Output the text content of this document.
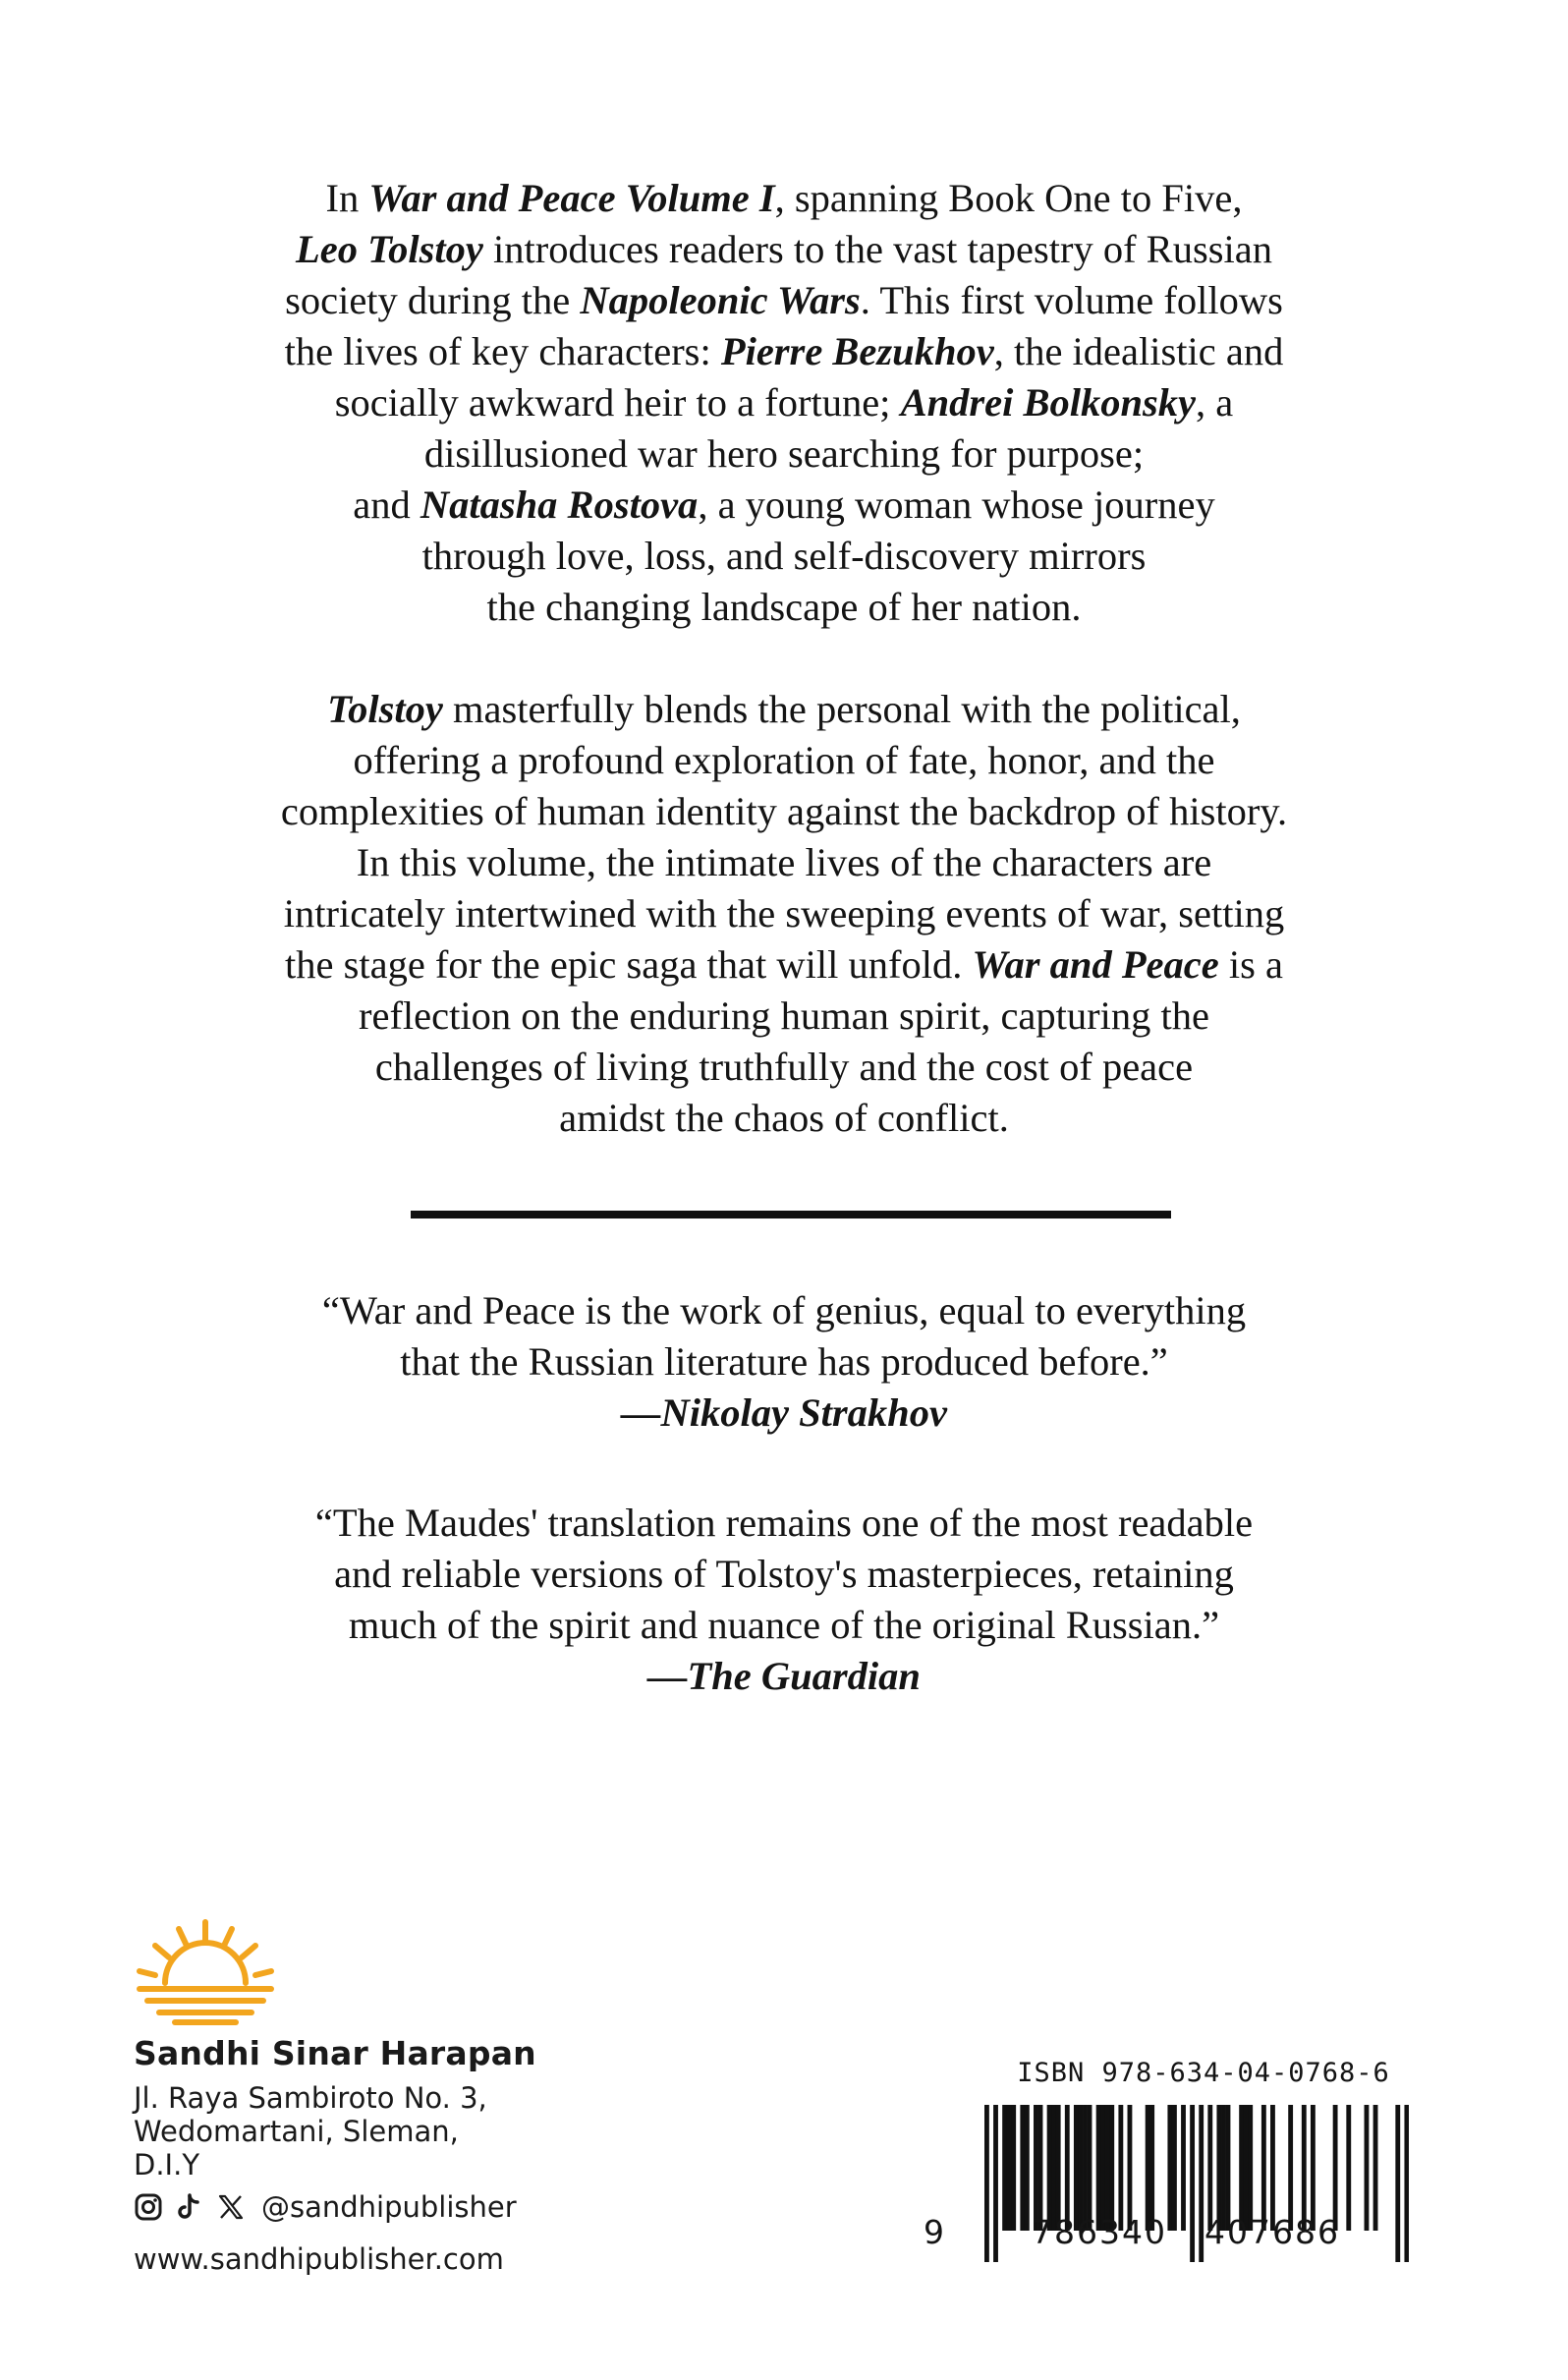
In War and Peace Volume I, spanning Book One to Five,
Leo Tolstoy introduces readers to the vast tapestry of Russian
society during the Napoleonic Wars. This first volume follows
the lives of key characters: Pierre Bezukhov, the idealistic and
socially awkward heir to a fortune; Andrei Bolkonsky, a
disillusioned war hero searching for purpose;
and Natasha Rostova, a young woman whose journey
through love, loss, and self-discovery mirrors
the changing landscape of her nation.

Tolstoy masterfully blends the personal with the political,
offering a profound exploration of fate, honor, and the
complexities of human identity against the backdrop of history.
In this volume, the intimate lives of the characters are
intricately intertwined with the sweeping events of war, setting
the stage for the epic saga that will unfold. War and Peace is a
reflection on the enduring human spirit, capturing the
challenges of living truthfully and the cost of peace
amidst the chaos of conflict.

“War and Peace is the work of genius, equal to everything
that the Russian literature has produced before.”
—Nikolay Strakhov
“The Maudes' translation remains one of the most readable
and reliable versions of Tolstoy's masterpieces, retaining
much of the spirit and nuance of the original Russian.”
—The Guardian
Sandhi Sinar Harapan
Jl. Raya Sambiroto No. 3,
Wedomartani, Sleman,
D.I.Y
@sandhipublisher
www.sandhipublisher.com
ISBN 978-634-04-0768-6
9	786340 407686
